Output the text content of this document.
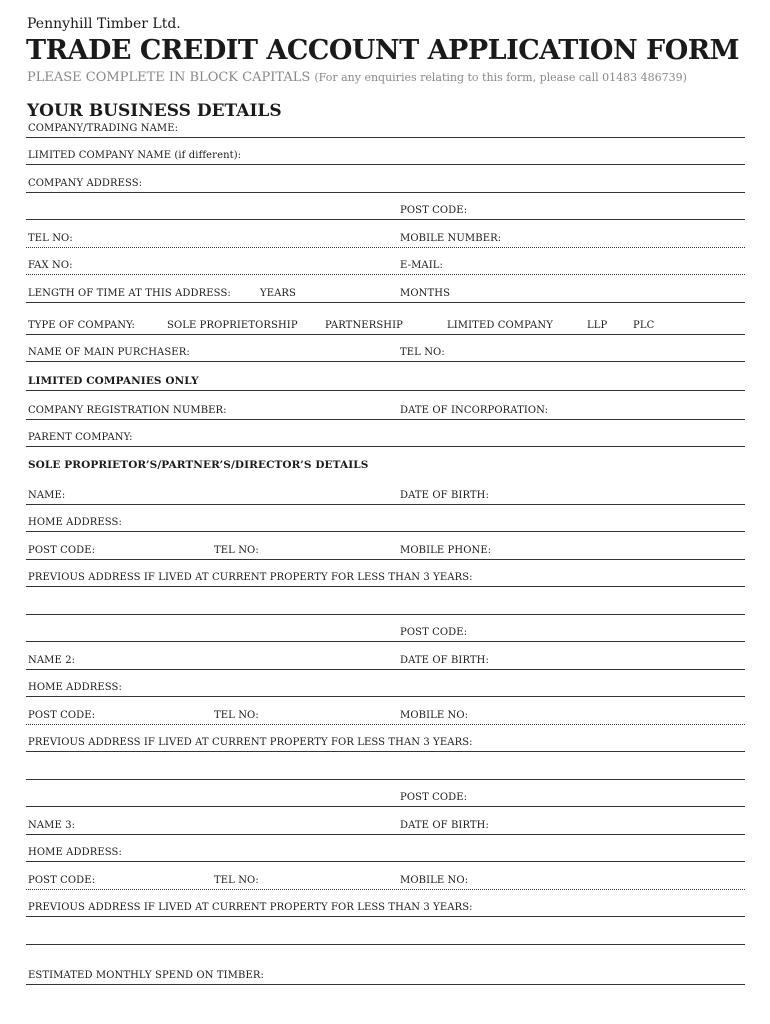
Pennyhill Timber Ltd.
TRADE CREDIT ACCOUNT APPLICATION FORM
PLEASE COMPLETE IN BLOCK CAPITALS (For any enquiries relating to this form, please call 01483 486739)
YOUR BUSINESS DETAILS
COMPANY/TRADING NAME:
LIMITED COMPANY NAME (if different):
COMPANY ADDRESS:
POST CODE:
TEL NO:	MOBILE NUMBER:
FAX NO:	E-MAIL:
LENGTH OF TIME AT THIS ADDRESS:	YEARS	MONTHS
TYPE OF COMPANY:	SOLE PROPRIETORSHIP	PARTNERSHIP	LIMITED COMPANY	LLP	PLC
NAME OF MAIN PURCHASER:	TEL NO:
LIMITED COMPANIES ONLY
COMPANY REGISTRATION NUMBER:	DATE OF INCORPORATION:
PARENT COMPANY:
SOLE PROPRIETOR’S/PARTNER’S/DIRECTOR’S DETAILS
NAME:	DATE OF BIRTH:
HOME ADDRESS:
POST CODE:	TEL NO:	MOBILE PHONE:
PREVIOUS ADDRESS IF LIVED AT CURRENT PROPERTY FOR LESS THAN 3 YEARS:
POST CODE:
NAME 2:	DATE OF BIRTH:
HOME ADDRESS:
POST CODE:	TEL NO:	MOBILE NO:
PREVIOUS ADDRESS IF LIVED AT CURRENT PROPERTY FOR LESS THAN 3 YEARS:
POST CODE:
NAME 3:	DATE OF BIRTH:
HOME ADDRESS:
POST CODE:	TEL NO:	MOBILE NO:
PREVIOUS ADDRESS IF LIVED AT CURRENT PROPERTY FOR LESS THAN 3 YEARS:
ESTIMATED MONTHLY SPEND ON TIMBER:
